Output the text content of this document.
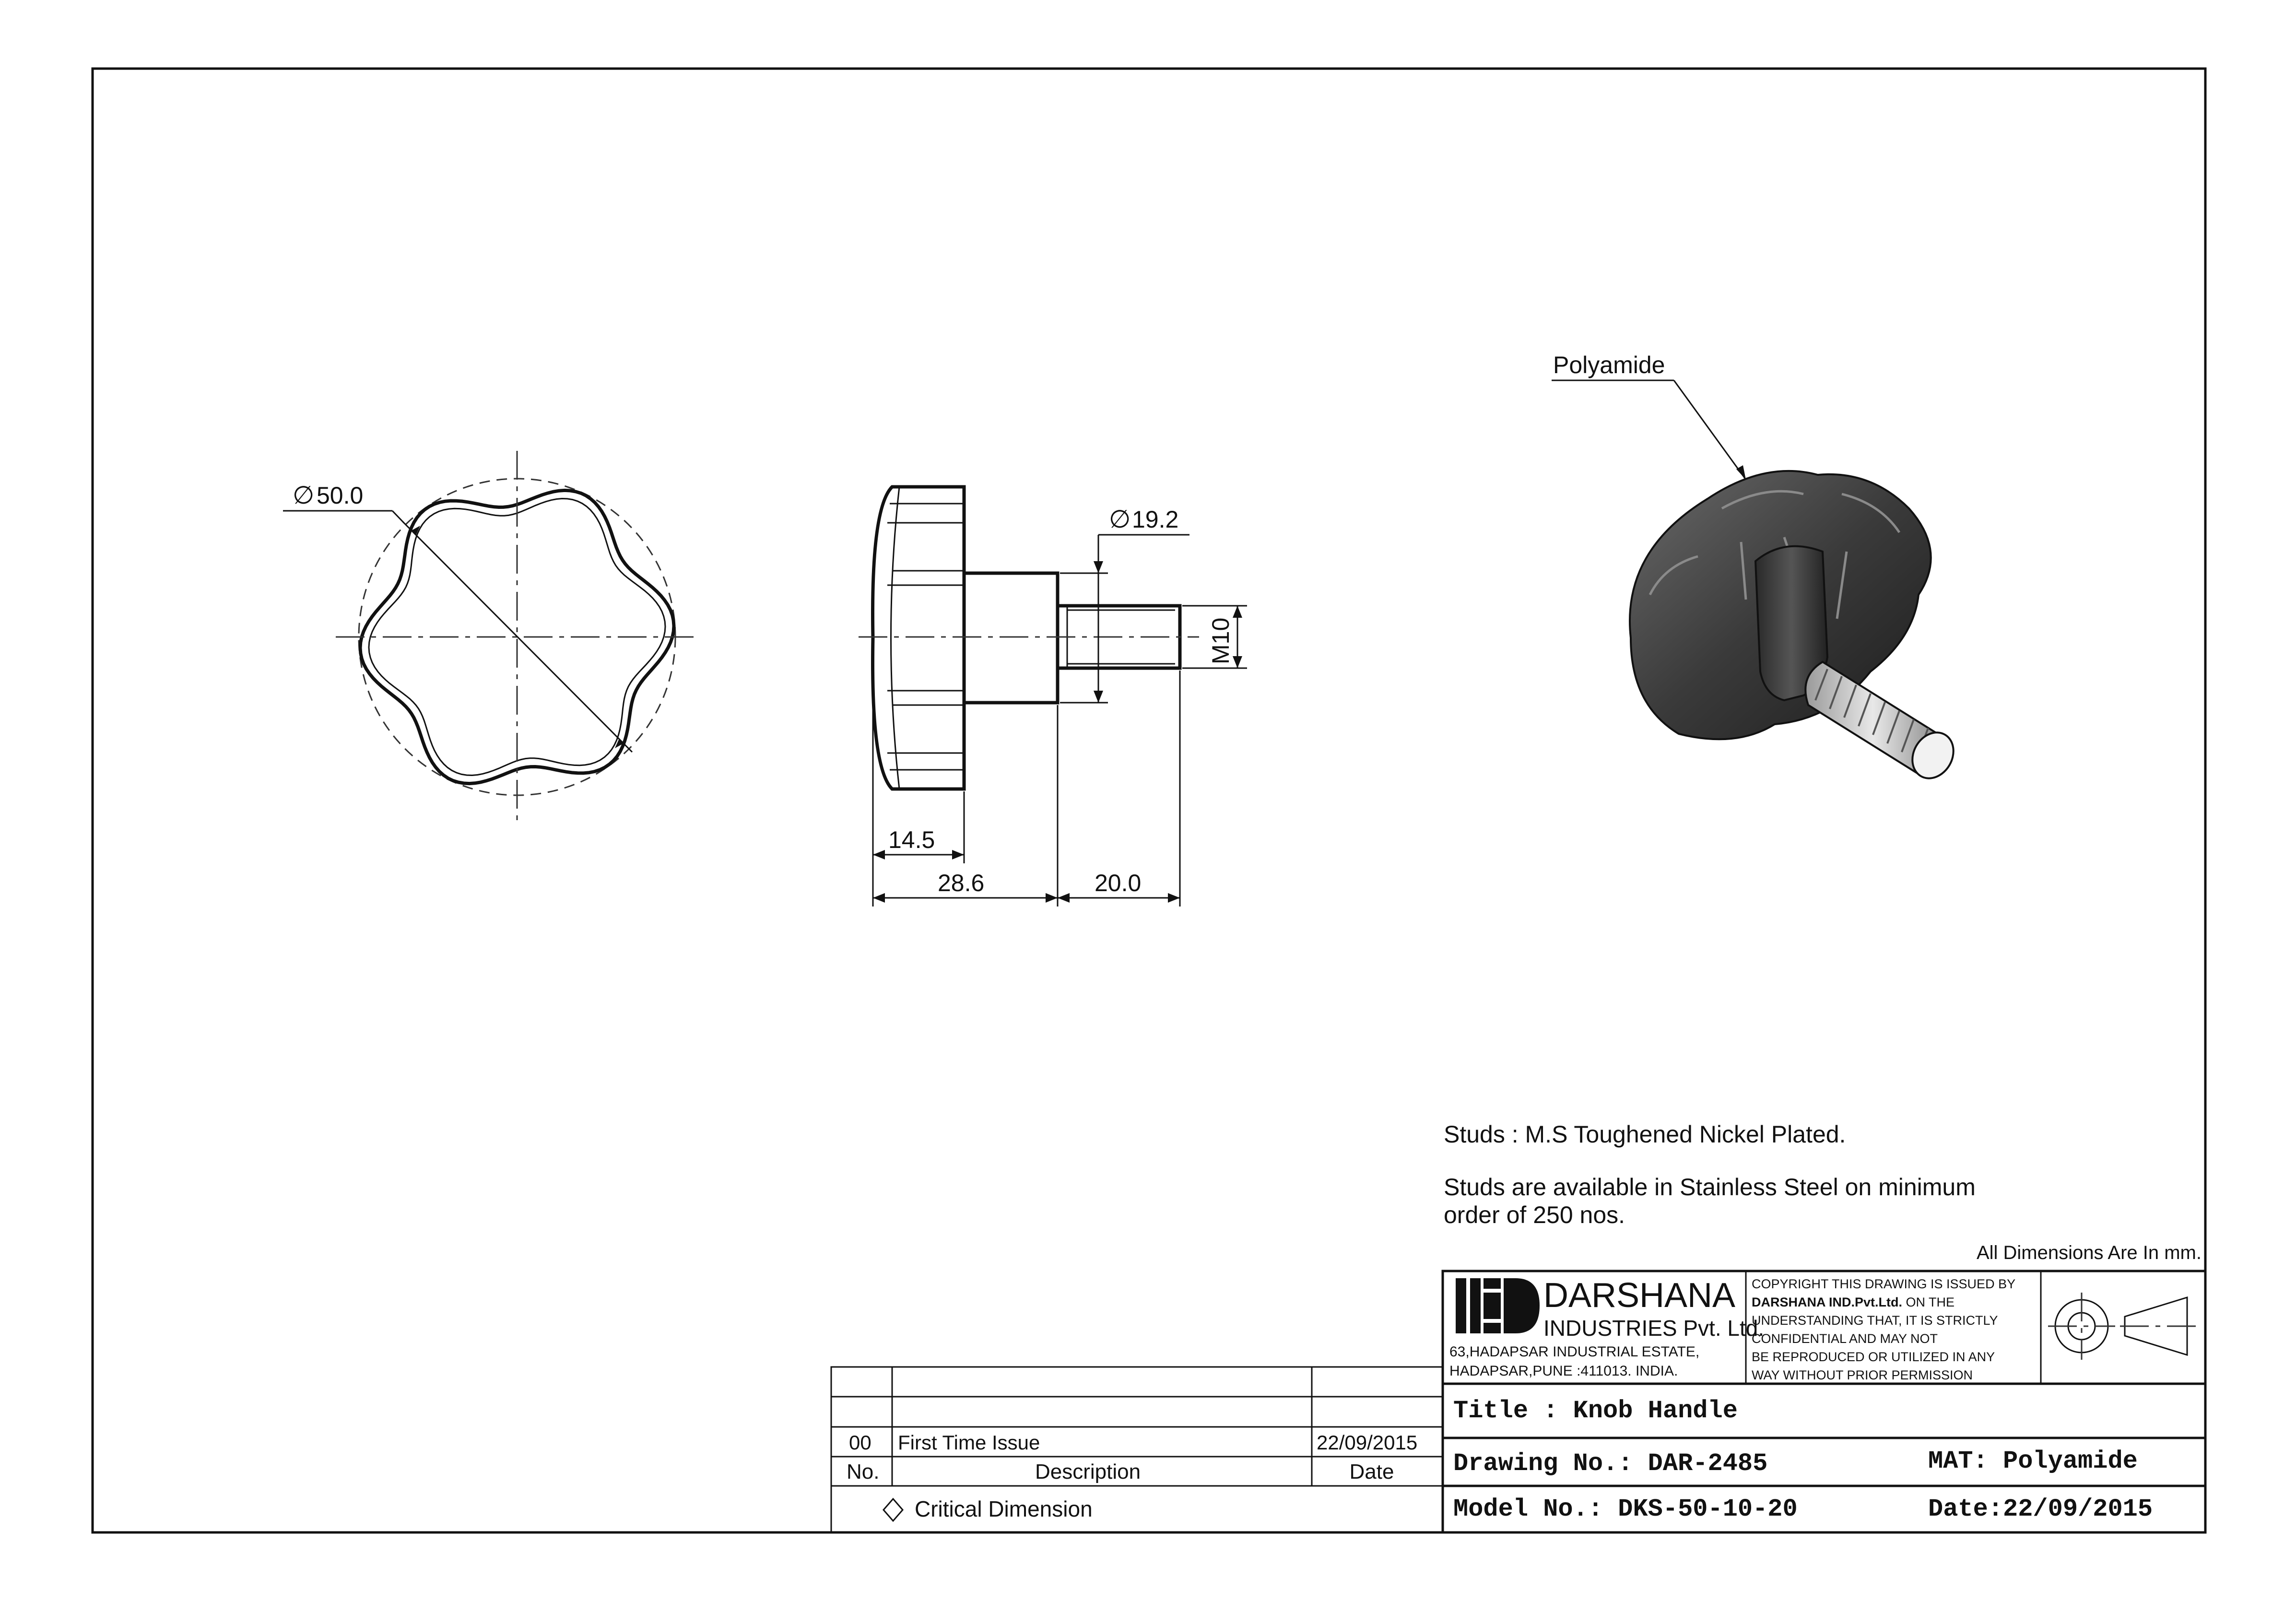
∅ 50.0
∅ 19.2
M10
14.5
28.6	20.0
Polyamide
Studs : M.S Toughened Nickel Plated.
Studs are available in Stainless Steel on minimum
order of 250 nos.
All Dimensions Are In mm.
DARSHANA
INDUSTRIES Pvt. Ltd.
63,HADAPSAR INDUSTRIAL ESTATE,
HADAPSAR,PUNE :411013. INDIA.
COPYRIGHT THIS DRAWING IS ISSUED BY
DARSHANA IND.Pvt.Ltd. ON THE
UNDERSTANDING THAT, IT IS STRICTLY
CONFIDENTIAL AND MAY NOT
BE REPRODUCED OR UTILIZED IN ANY
WAY WITHOUT PRIOR PERMISSION
Title : Knob Handle
Drawing No.: DAR-2485	MAT: Polyamide
Model No.: DKS-50-10-20	Date:22/09/2015
00 First Time Issue	22/09/2015
No.	Description	Date
Critical Dimension
